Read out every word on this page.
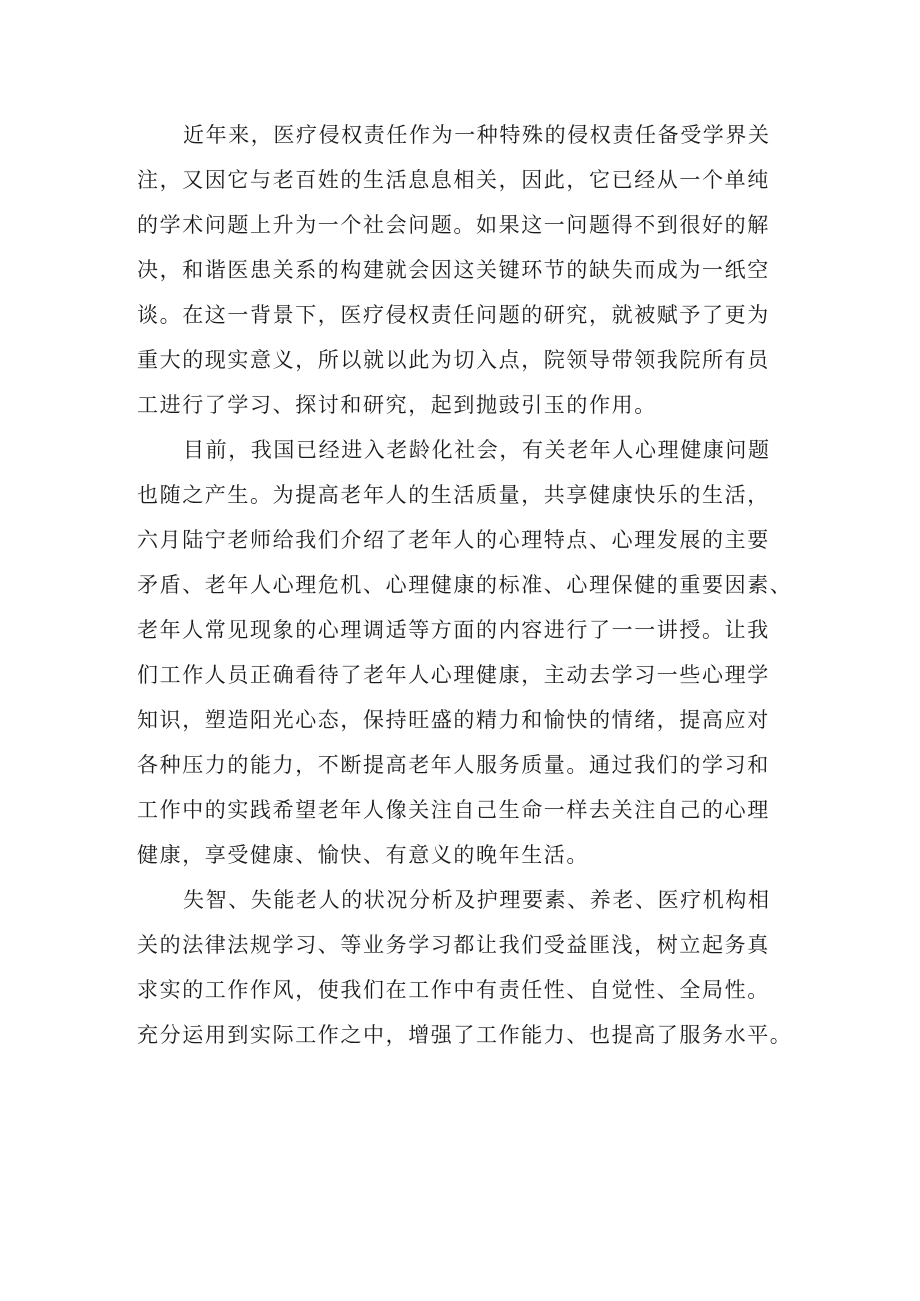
近年来，医疗侵权责任作为一种特殊的侵权责任备受学界关
注，又因它与老百姓的生活息息相关，因此，它已经从一个单纯
的学术问题上升为一个社会问题。如果这一问题得不到很好的解
决，和谐医患关系的构建就会因这关键环节的缺失而成为一纸空
谈。在这一背景下，医疗侵权责任问题的研究，就被赋予了更为
重大的现实意义，所以就以此为切入点，院领导带领我院所有员
工进行了学习、探讨和研究，起到抛豉引玉的作用。
目前，我国已经进入老龄化社会，有关老年人心理健康问题
也随之产生。为提高老年人的生活质量，共享健康快乐的生活，
六月陆宁老师给我们介绍了老年人的心理特点、心理发展的主要
矛盾、老年人心理危机、心理健康的标准、心理保健的重要因素、
老年人常见现象的心理调适等方面的内容进行了一一讲授。让我
们工作人员正确看待了老年人心理健康，主动去学习一些心理学
知识，塑造阳光心态，保持旺盛的精力和愉快的情绪，提高应对
各种压力的能力，不断提高老年人服务质量。通过我们的学习和
工作中的实践希望老年人像关注自己生命一样去关注自己的心理
健康，享受健康、愉快、有意义的晚年生活。
失智、失能老人的状况分析及护理要素、养老、医疗机构相
关的法律法规学习、等业务学习都让我们受益匪浅，树立起务真
求实的工作作风，使我们在工作中有责任性、自觉性、全局性。
充分运用到实际工作之中，增强了工作能力、也提高了服务水平。
